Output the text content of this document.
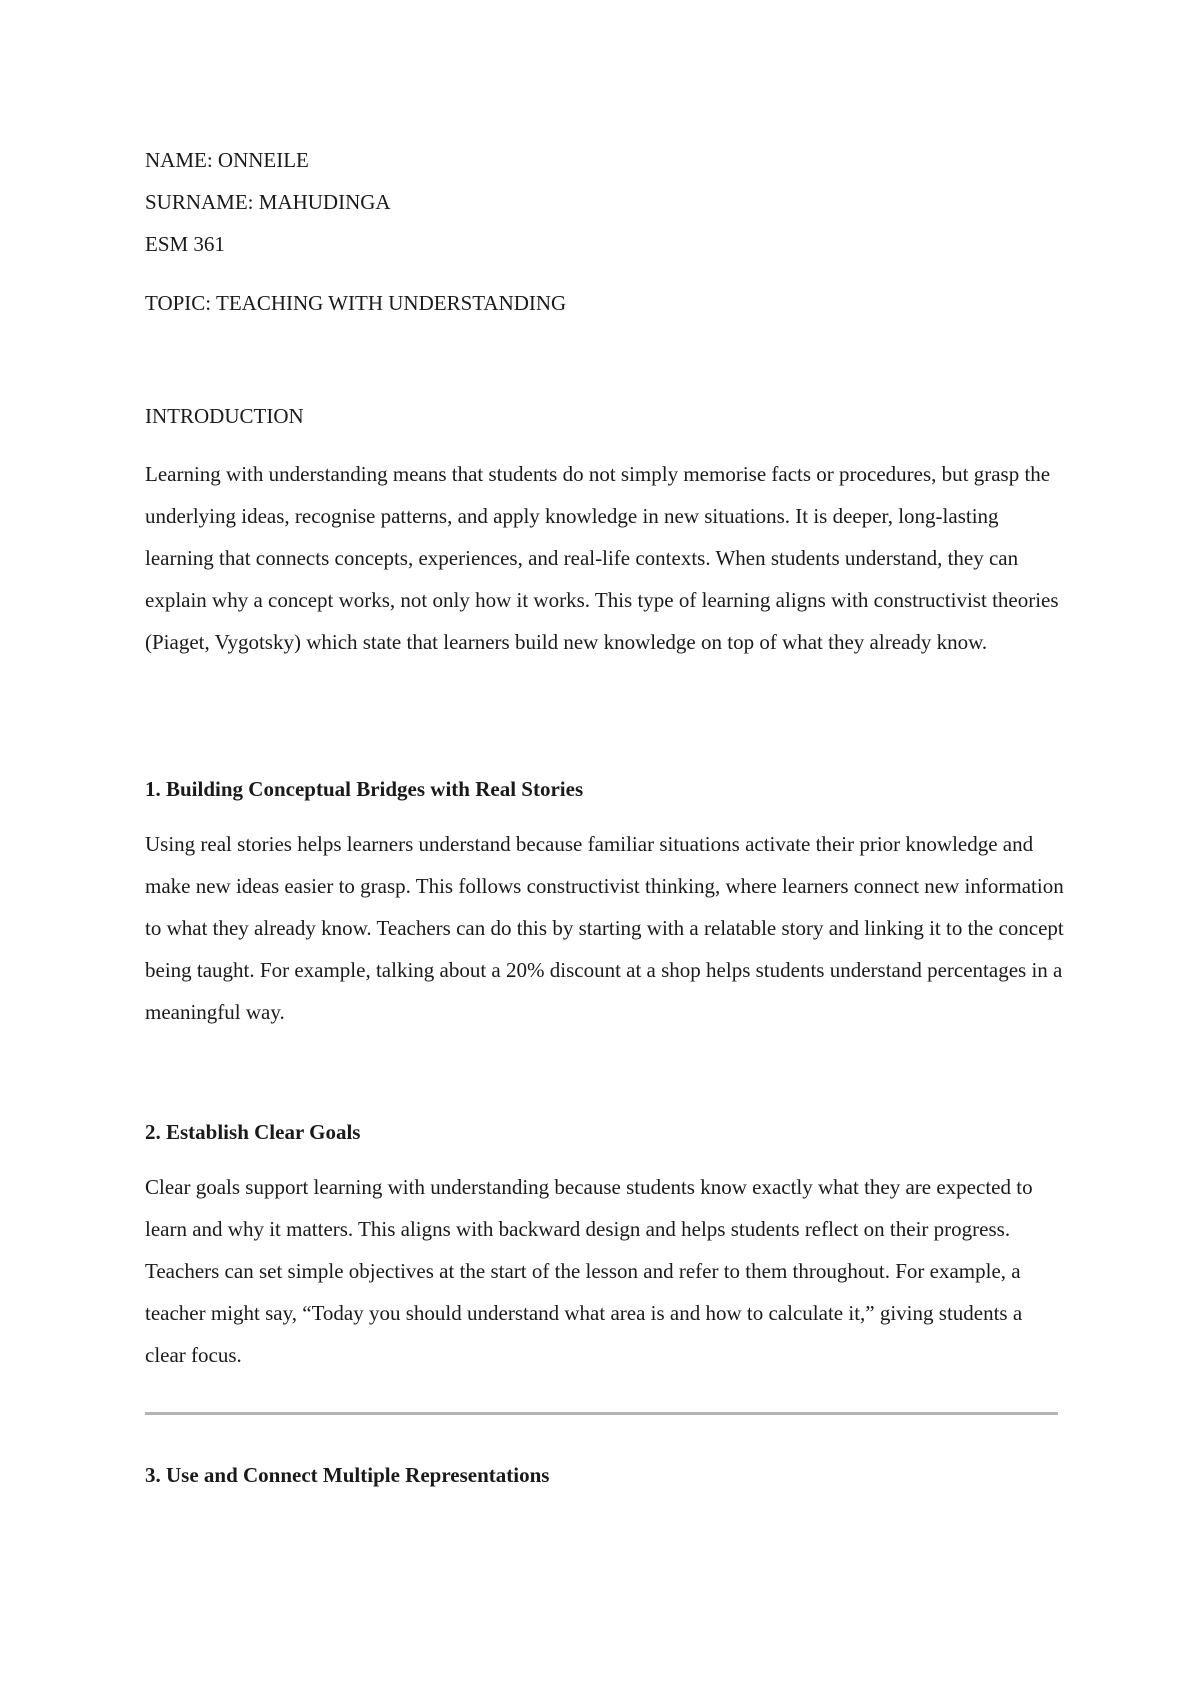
NAME: ONNEILE
SURNAME: MAHUDINGA
ESM 361
TOPIC: TEACHING WITH UNDERSTANDING
INTRODUCTION
Learning with understanding means that students do not simply memorise facts or procedures, but grasp the underlying ideas, recognise patterns, and apply knowledge in new situations. It is deeper, long-lasting learning that connects concepts, experiences, and real-life contexts. When students understand, they can explain why a concept works, not only how it works. This type of learning aligns with constructivist theories (Piaget, Vygotsky) which state that learners build new knowledge on top of what they already know.
1. Building Conceptual Bridges with Real Stories
Using real stories helps learners understand because familiar situations activate their prior knowledge and make new ideas easier to grasp. This follows constructivist thinking, where learners connect new information to what they already know. Teachers can do this by starting with a relatable story and linking it to the concept being taught. For example, talking about a 20% discount at a shop helps students understand percentages in a meaningful way.
2. Establish Clear Goals
Clear goals support learning with understanding because students know exactly what they are expected to learn and why it matters. This aligns with backward design and helps students reflect on their progress. Teachers can set simple objectives at the start of the lesson and refer to them throughout. For example, a teacher might say, “Today you should understand what area is and how to calculate it,” giving students a clear focus.
3. Use and Connect Multiple Representations
